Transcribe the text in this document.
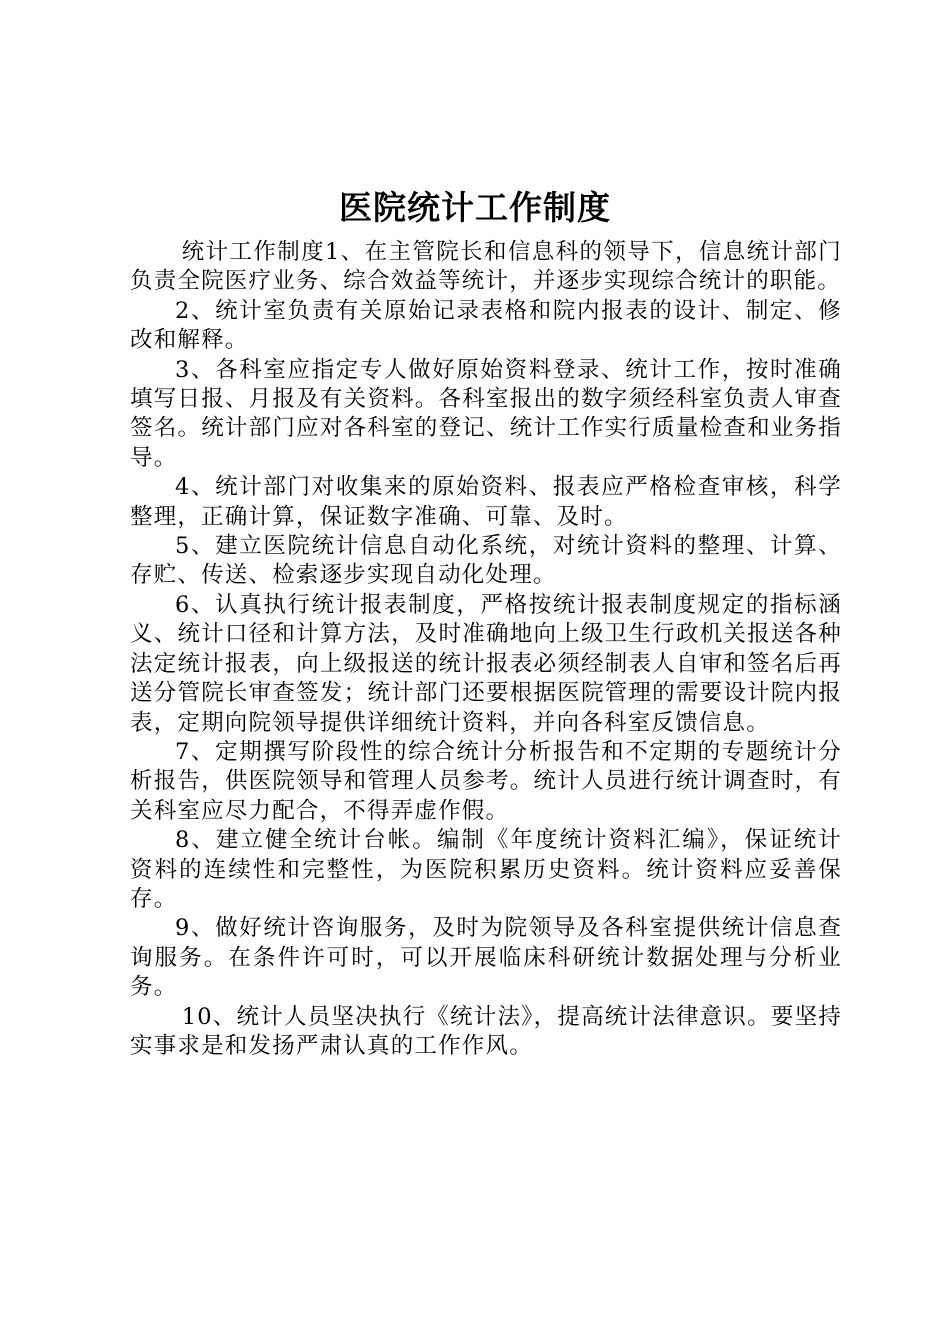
医院统计工作制度

统计工作制度1、在主管院长和信息科的领导下，信息统计部门负责全院医疗业务、综合效益等统计，并逐步实现综合统计的职能。

2、统计室负责有关原始记录表格和院内报表的设计、制定、修改和解释。

3、各科室应指定专人做好原始资料登录、统计工作，按时准确填写日报、月报及有关资料。各科室报出的数字须经科室负责人审查签名。统计部门应对各科室的登记、统计工作实行质量检查和业务指导。

4、统计部门对收集来的原始资料、报表应严格检查审核，科学整理，正确计算，保证数字准确、可靠、及时。

5、建立医院统计信息自动化系统，对统计资料的整理、计算、存贮、传送、检索逐步实现自动化处理。

6、认真执行统计报表制度，严格按统计报表制度规定的指标涵义、统计口径和计算方法，及时准确地向上级卫生行政机关报送各种法定统计报表，向上级报送的统计报表必须经制表人自审和签名后再送分管院长审查签发；统计部门还要根据医院管理的需要设计院内报表，定期向院领导提供详细统计资料，并向各科室反馈信息。

7、定期撰写阶段性的综合统计分析报告和不定期的专题统计分析报告，供医院领导和管理人员参考。统计人员进行统计调查时，有关科室应尽力配合，不得弄虚作假。

8、建立健全统计台帐。编制《年度统计资料汇编》，保证统计资料的连续性和完整性，为医院积累历史资料。统计资料应妥善保存。

9、做好统计咨询服务，及时为院领导及各科室提供统计信息查询服务。在条件许可时，可以开展临床科研统计数据处理与分析业务。

10、统计人员坚决执行《统计法》，提高统计法律意识。要坚持实事求是和发扬严肃认真的工作作风。
